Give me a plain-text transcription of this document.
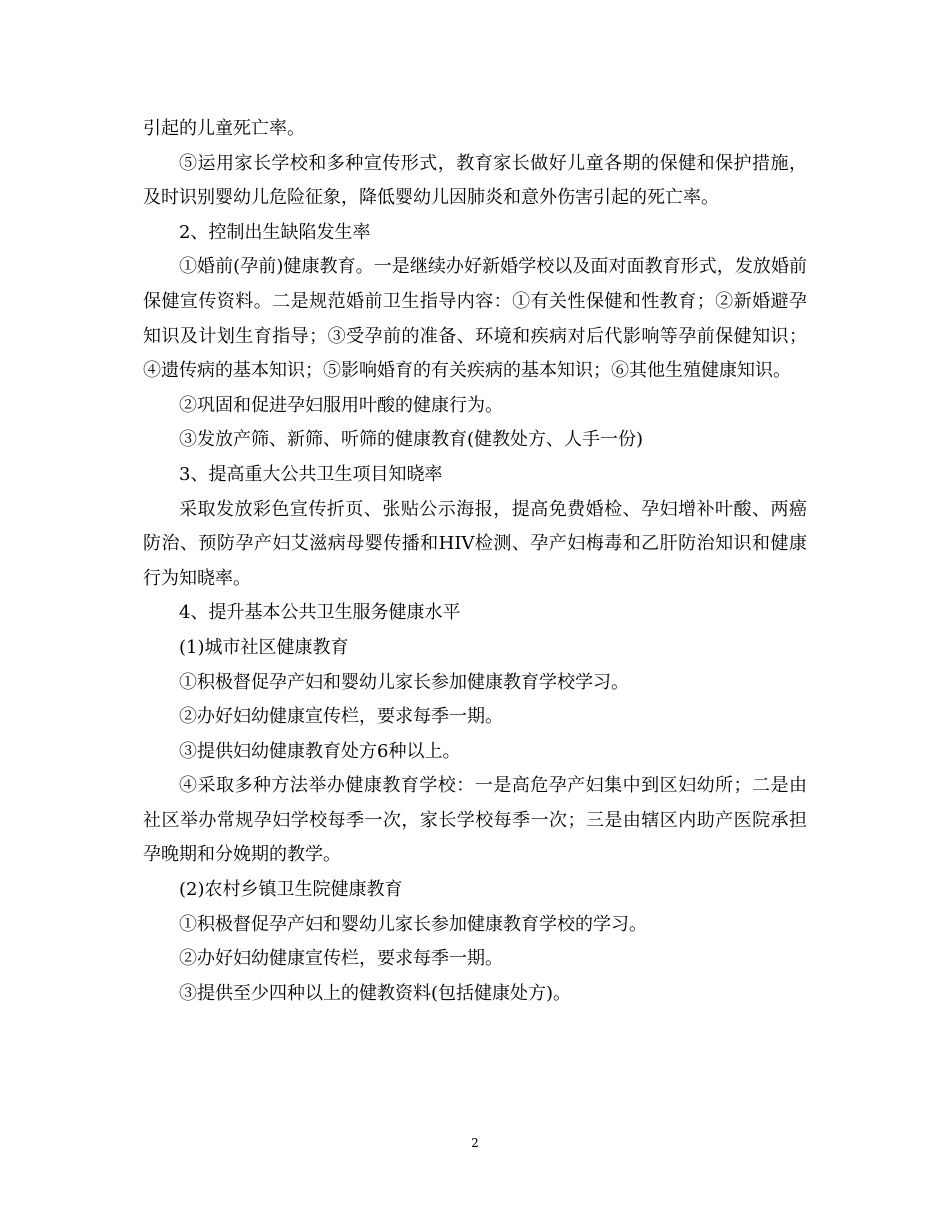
引起的儿童死亡率。

⑤运用家长学校和多种宣传形式，教育家长做好儿童各期的保健和保护措施，及时识别婴幼儿危险征象，降低婴幼儿因肺炎和意外伤害引起的死亡率。

2、控制出生缺陷发生率

①婚前(孕前)健康教育。一是继续办好新婚学校以及面对面教育形式，发放婚前保健宣传资料。二是规范婚前卫生指导内容：①有关性保健和性教育；②新婚避孕知识及计划生育指导；③受孕前的准备、环境和疾病对后代影响等孕前保健知识；④遗传病的基本知识；⑤影响婚育的有关疾病的基本知识；⑥其他生殖健康知识。

②巩固和促进孕妇服用叶酸的健康行为。

③发放产筛、新筛、听筛的健康教育(健教处方、人手一份)

3、提高重大公共卫生项目知晓率

采取发放彩色宣传折页、张贴公示海报，提高免费婚检、孕妇增补叶酸、两癌防治、预防孕产妇艾滋病母婴传播和HIV检测、孕产妇梅毒和乙肝防治知识和健康行为知晓率。

4、提升基本公共卫生服务健康水平

(1)城市社区健康教育

①积极督促孕产妇和婴幼儿家长参加健康教育学校学习。

②办好妇幼健康宣传栏，要求每季一期。

③提供妇幼健康教育处方6种以上。

④采取多种方法举办健康教育学校：一是高危孕产妇集中到区妇幼所；二是由社区举办常规孕妇学校每季一次，家长学校每季一次；三是由辖区内助产医院承担孕晚期和分娩期的教学。

(2)农村乡镇卫生院健康教育

①积极督促孕产妇和婴幼儿家长参加健康教育学校的学习。

②办好妇幼健康宣传栏，要求每季一期。

③提供至少四种以上的健教资料(包括健康处方)。

2
